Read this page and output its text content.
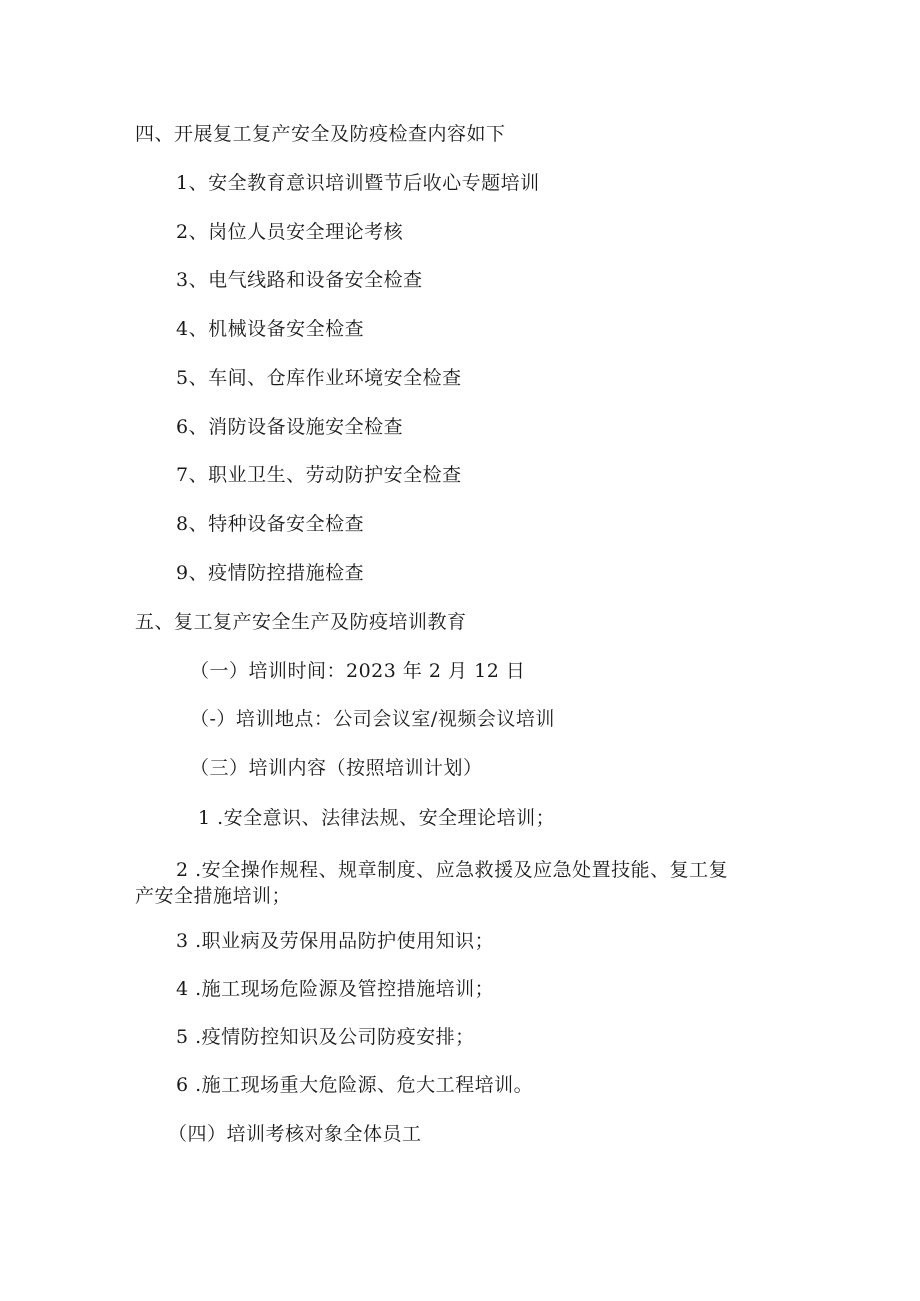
四、开展复工复产安全及防疫检查内容如下
1、安全教育意识培训暨节后收心专题培训
2、岗位人员安全理论考核
3、电气线路和设备安全检查
4、机械设备安全检查
5、车间、仓库作业环境安全检查
6、消防设备设施安全检查
7、职业卫生、劳动防护安全检查
8、特种设备安全检查
9、疫情防控措施检查
五、复工复产安全生产及防疫培训教育
（一）培训时间：2023 年 2 月 12 日
（-）培训地点：公司会议室/视频会议培训
（三）培训内容（按照培训计划）
1 .安全意识、法律法规、安全理论培训；
2 .安全操作规程、规章制度、应急救援及应急处置技能、复工复产安全措施培训；
3 .职业病及劳保用品防护使用知识；
4 .施工现场危险源及管控措施培训；
5 .疫情防控知识及公司防疫安排；
6 .施工现场重大危险源、危大工程培训。
（四）培训考核对象全体员工
